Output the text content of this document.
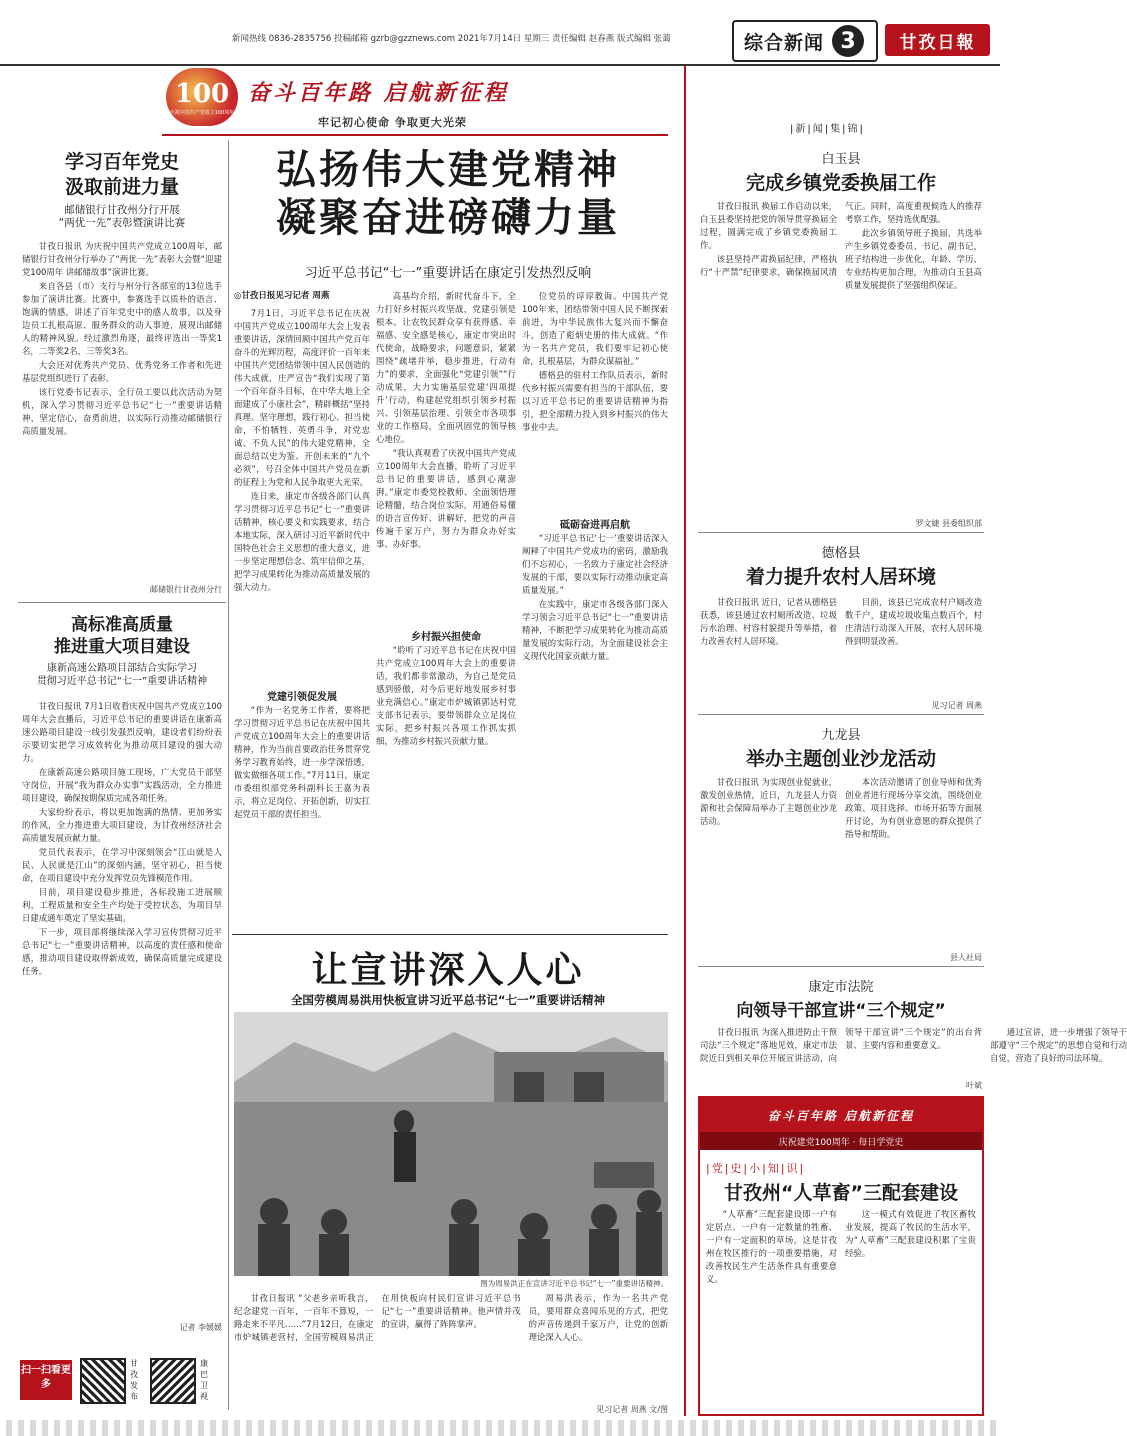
新闻热线 0836-2835756 投稿邮箱 gzrb@gzznews.com 2021年7月14日 星期三 责任编辑 赵春燕 版式编辑 张蔼	综合新闻 3	甘孜日報
100
庆祝中国共产党成立100周年
奋斗百年路 启航新征程
牢记初心使命 争取更大光荣
学习百年党史
汲取前进力量
邮储银行甘孜州分行开展
“两优一先”表彰暨演讲比赛

甘孜日报讯 为庆祝中国共产党成立100周年，邮储银行甘孜州分行举办了“两优一先”表彰大会暨“迎建党100周年 讲邮储故事”演讲比赛。

来自各县（市）支行与州分行各部室的13位选手参加了演讲比赛。比赛中，参赛选手以质朴的语言、饱满的情感，讲述了百年党史中的感人故事，以及身边员工扎根高原、服务群众的动人事迹，展现出邮储人的精神风貌。经过激烈角逐，最终评选出一等奖1名，二等奖2名，三等奖3名。

大会还对优秀共产党员、优秀党务工作者和先进基层党组织进行了表彰。

该行党委书记表示，全行员工要以此次活动为契机，深入学习贯彻习近平总书记“七一”重要讲话精神，坚定信心，奋勇前进，以实际行动推动邮储银行高质量发展。

邮储银行甘孜州分行
高标准高质量
推进重大项目建设
康新高速公路项目部结合实际学习
贯彻习近平总书记“七一”重要讲话精神

甘孜日报讯 7月1日收看庆祝中国共产党成立100周年大会直播后，习近平总书记的重要讲话在康新高速公路项目建设一线引发强烈反响，建设者们纷纷表示要切实把学习成效转化为推动项目建设的强大动力。

在康新高速公路项目施工现场，广大党员干部坚守岗位，开展“我为群众办实事”实践活动，全力推进项目建设，确保按期保质完成各项任务。

大家纷纷表示，将以更加饱满的热情、更加务实的作风，全力推进重大项目建设，为甘孜州经济社会高质量发展贡献力量。

党员代表表示，在学习中深刻领会“江山就是人民、人民就是江山”的深刻内涵，坚守初心，担当使命，在项目建设中充分发挥党员先锋模范作用。

目前，项目建设稳步推进，各标段施工进展顺利，工程质量和安全生产均处于受控状态，为项目早日建成通车奠定了坚实基础。

下一步，项目部将继续深入学习宣传贯彻习近平总书记“七一”重要讲话精神，以高度的责任感和使命感，推动项目建设取得新成效，确保高质量完成建设任务。

记者 李媛媛
弘扬伟大建党精神
凝聚奋进磅礴力量
习近平总书记“七一”重要讲话在康定引发热烈反响
◎甘孜日报见习记者 周燕

7月1日，习近平总书记在庆祝中国共产党成立100周年大会上发表重要讲话，深情回顾中国共产党百年奋斗的光辉历程，高度评价一百年来中国共产党团结带领中国人民创造的伟大成就，庄严宣告“我们实现了第一个百年奋斗目标，在中华大地上全面建成了小康社会”，精辟概括“坚持真理、坚守理想，践行初心、担当使命，不怕牺牲、英勇斗争，对党忠诚、不负人民”的伟大建党精神，全面总结以史为鉴、开创未来的“九个必须”，号召全体中国共产党员在新的征程上为党和人民争取更大光荣。

连日来，康定市各级各部门认真学习贯彻习近平总书记“七一”重要讲话精神，核心要义和实践要求，结合本地实际，深入研讨习近平新时代中国特色社会主义思想的重大意义，进一步坚定理想信念、筑牢信仰之基，把学习成果转化为推动高质量发展的强大动力。

党建引领促发展

“作为一名党务工作者，要将把学习贯彻习近平总书记在庆祝中国共产党成立100周年大会上的重要讲话精神，作为当前首要政治任务贯穿党务学习教育始终，进一步学深悟透，做实做细各项工作。”7月11日，康定市委组织部党务科副科长王嘉为表示，将立足岗位、开拓创新，切实扛起党员干部的责任担当。

高基均介绍，新时代奋斗下，全力打好乡村振兴攻坚战，党建引领是根本。让农牧民群众享有获得感、幸福感、安全感是核心，康定市突出时代使命，战略要求，问题意识，紧紧围绕“疏堵并举，稳步推进，行动有力”的要求，全面强化“党建引领”“行动成果，大力实施基层党建‘四项提升’行动，构建起党组织引领乡村振兴、引领基层治理、引领全市各项事业的工作格局，全面巩固党的领导核心地位。

“我认真观看了庆祝中国共产党成立100周年大会直播，聆听了习近平总书记的重要讲话，感到心潮澎湃。”康定市委党校教师、全面领悟理论精髓，结合岗位实际，用通俗易懂的语言宣传好、讲解好，把党的声音传遍千家万户，努力为群众办好实事、办好事。

乡村振兴担使命

“聆听了习近平总书记在庆祝中国共产党成立100周年大会上的重要讲话，我们都非常激动，为自己是党员感到骄傲，对今后更好地发展乡村事业充满信心。”康定市炉城镇郭达村党支部书记表示，要带领群众立足岗位实际，把乡村振兴各项工作抓实抓细，为推动乡村振兴贡献力量。

位党员的谆谆教诲。中国共产党100年来，团结带领中国人民不断探索前进，为中华民族伟大复兴而不懈奋斗，创造了彪炳史册的伟大成就。“作为一名共产党员，我们要牢记初心使命，扎根基层，为群众谋福祉。”

德格县的驻村工作队员表示，新时代乡村振兴需要有担当的干部队伍，要以习近平总书记的重要讲话精神为指引，把全部精力投入到乡村振兴的伟大事业中去。

砥砺奋进再启航

“习近平总书记‘七一’重要讲话深入阐释了中国共产党成功的密码，激励我们不忘初心，一名致力于康定社会经济发展的干部，要以实际行动推动康定高质量发展。”

在实践中，康定市各级各部门深入学习领会习近平总书记“七一”重要讲话精神，不断把学习成果转化为推动高质量发展的实际行动，为全面建设社会主义现代化国家贡献力量。

让宣讲深入人心
全国劳模周易洪用快板宣讲习近平总书记“七一”重要讲话精神
图为周易洪正在宣讲习近平总书记“七一”重要讲话精神。

甘孜日报讯 “父老乡亲听我言，纪念建党一百年，一百年不算短，一路走来不平凡……”7月12日，在康定市炉城镇老营村，全国劳模周易洪正在用快板向村民们宣讲习近平总书记“七一”重要讲话精神。他声情并茂的宣讲，赢得了阵阵掌声。

周易洪表示，作为一名共产党员，要用群众喜闻乐见的方式，把党的声音传递到千家万户，让党的创新理论深入人心。

见习记者 周燕 文/图
|新|闻|集|锦|
白玉县
完成乡镇党委换届工作

甘孜日报讯 换届工作启动以来，白玉县委坚持把党的领导贯穿换届全过程，圆满完成了乡镇党委换届工作。

该县坚持严肃换届纪律，严格执行“十严禁”纪律要求，确保换届风清气正。同时，高度重视候选人的推荐考察工作，坚持选优配强。

此次乡镇领导班子换届，共选举产生乡镇党委委员、书记、副书记，班子结构进一步优化，年龄、学历、专业结构更加合理，为推动白玉县高质量发展提供了坚强组织保证。

罗文婕 县委组织部
德格县
着力提升农村人居环境

甘孜日报讯 近日，记者从德格县获悉，该县通过农村厕所改造、垃圾污水治理、村容村貌提升等举措，着力改善农村人居环境。

目前，该县已完成农村户厕改造数千户，建成垃圾收集点数百个，村庄清洁行动深入开展，农村人居环境得到明显改善。

见习记者 周燕
九龙县
举办主题创业沙龙活动

甘孜日报讯 为实现创业促就业，激发创业热情，近日，九龙县人力资源和社会保障局举办了主题创业沙龙活动。

本次活动邀请了创业导师和优秀创业者进行现场分享交流，围绕创业政策、项目选择、市场开拓等方面展开讨论，为有创业意愿的群众提供了指导和帮助。

县人社局
康定市法院
向领导干部宣讲“三个规定”

甘孜日报讯 为深入推进防止干预司法“三个规定”落地见效，康定市法院近日到相关单位开展宣讲活动，向领导干部宣讲“三个规定”的出台背景、主要内容和重要意义。

通过宣讲，进一步增强了领导干部遵守“三个规定”的思想自觉和行动自觉，营造了良好的司法环境。

叶斌
奋斗百年路 启航新征程
庆祝建党100周年 · 每日学党史
|党|史|小|知|识|
甘孜州“人草畜”三配套建设

“人草畜”三配套建设即一户有定居点、一户有一定数量的牲畜、一户有一定面积的草场。这是甘孜州在牧区推行的一项重要措施，对改善牧民生产生活条件具有重要意义。

这一模式有效促进了牧区畜牧业发展，提高了牧民的生活水平，为“人草畜”三配套建设积累了宝贵经验。

扫一扫看更多
甘孜发布
康巴卫视
